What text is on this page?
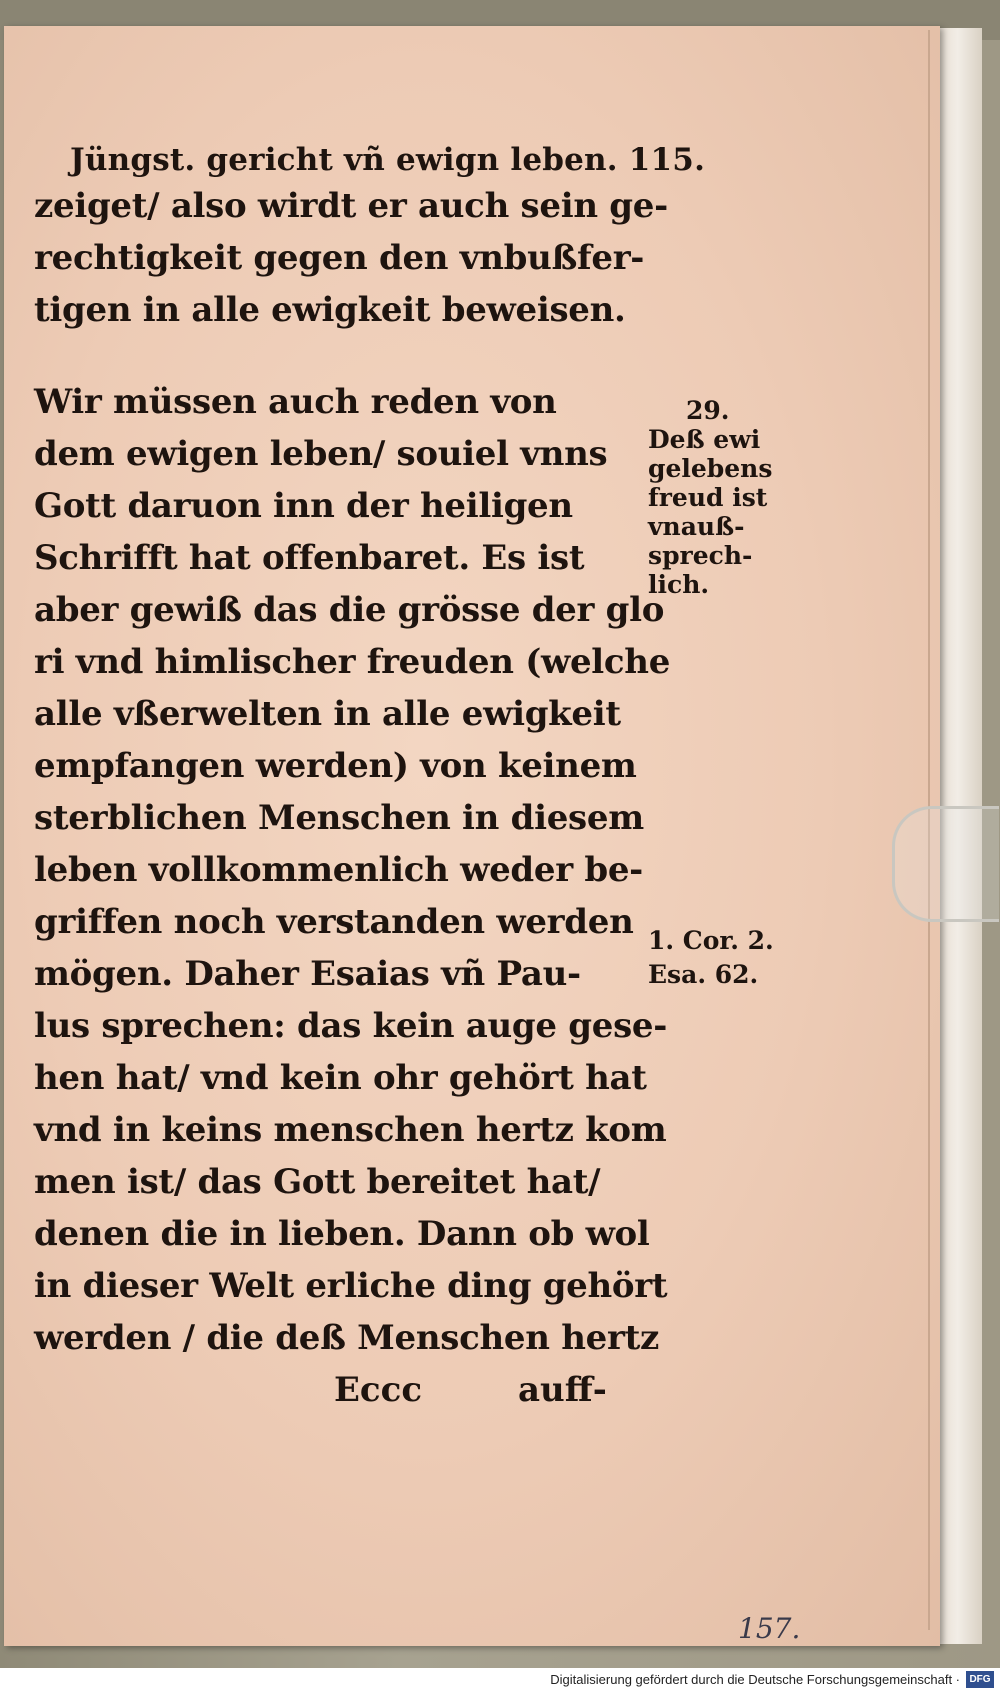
Jüngst. gericht vñ ewign leben. 115.
zeiget/ also wirdt er auch sein ge-
rechtigkeit gegen den vnbußfer-
tigen in alle ewigkeit beweisen.
Wir müssen auch reden von
dem ewigen leben/ souiel vnns
Gott daruon inn der heiligen
Schrifft hat offenbaret. Es ist
aber gewiß das die grösse der glo
ri vnd himlischer freuden (welche
alle vßerwelten in alle ewigkeit
empfangen werden) von keinem
sterblichen Menschen in diesem
leben vollkommenlich weder be-
griffen noch verstanden werden
mögen. Daher Esaias vñ Pau-
lus sprechen: das kein auge gese-
hen hat/ vnd kein ohr gehört hat
vnd in keins menschen hertz kom
men ist/ das Gott bereitet hat/
denen die in lieben. Dann ob wol
in dieser Welt erliche ding gehört
werden / die deß Menschen hertz
Eccc	auff-
29.
Deß ewi
gelebens
freud ist
vnauß-
sprech-
lich.
1. Cor. 2.
Esa. 62.
157.
Digitalisierung gefördert durch die Deutsche Forschungsgemeinschaft · DFG
